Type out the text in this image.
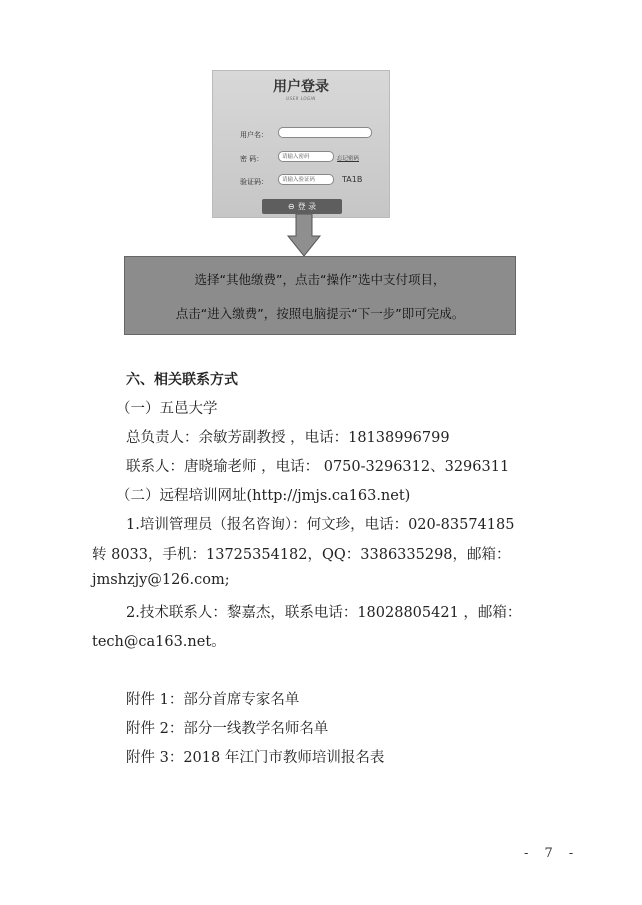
用户登录
USER LOGIN
用户名：
密 码：	请输入密码	忘记密码
验证码：	请输入验证码	TA1B
⊖ 登 录
选择“其他缴费”，点击“操作”选中支付项目，
点击“进入缴费”，按照电脑提示“下一步”即可完成。
六、相关联系方式
（一）五邑大学
总负责人：余敏芳副教授 ，电话：18138996799
联系人：唐晓瑜老师 ，电话： 0750-3296312、3296311
（二）远程培训网址(http://jmjs.ca163.net)
1.培训管理员（报名咨询）：何文珍，电话：020-83574185
转 8033，手机：13725354182，QQ：3386335298，邮箱：
jmshzjy@126.com;
2.技术联系人：黎嘉杰，联系电话：18028805421 ，邮箱：
tech@ca163.net。
附件 1：部分首席专家名单
附件 2：部分一线教学名师名单
附件 3：2018 年江门市教师培训报名表
- 7 -
